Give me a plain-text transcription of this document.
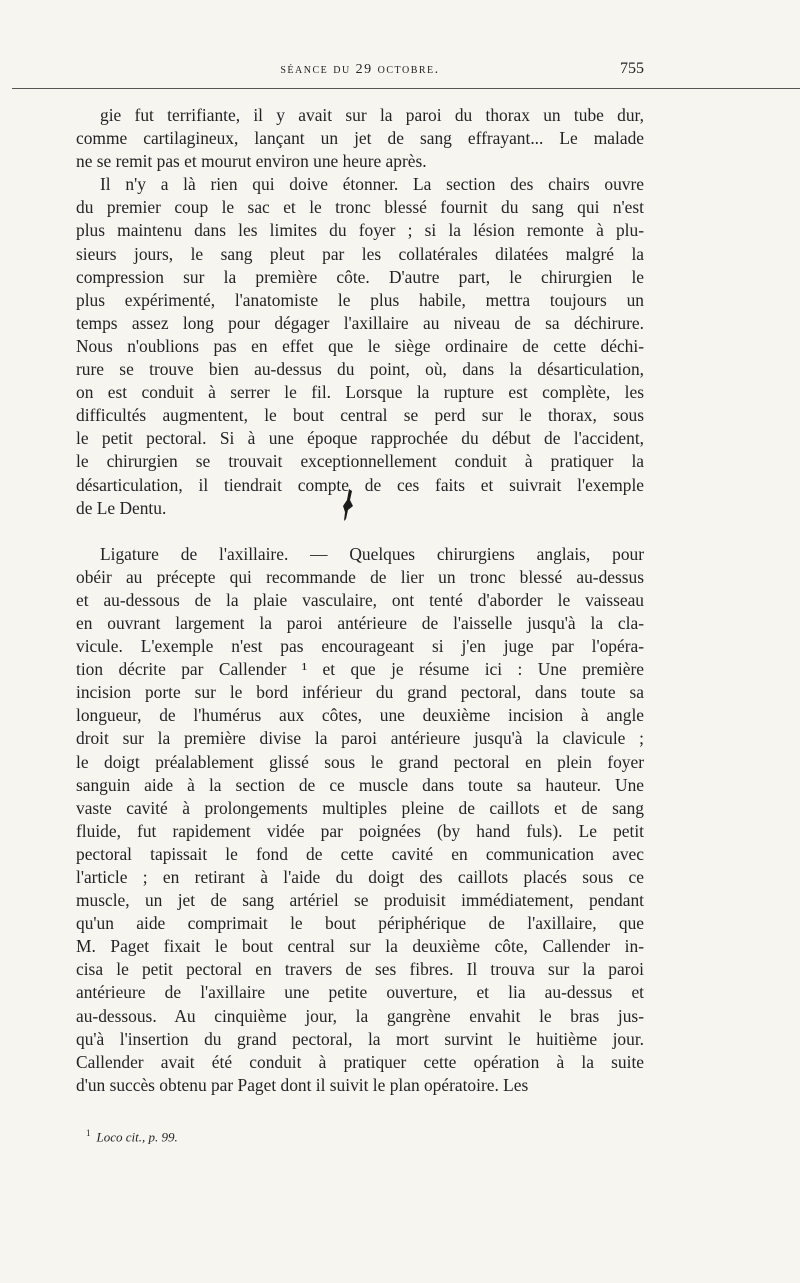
séance du 29 octobre.	755
gie fut terrifiante, il y avait sur la paroi du thorax un tube dur,
comme cartilagineux, lançant un jet de sang effrayant... Le malade
ne se remit pas et mourut environ une heure après.
Il n'y a là rien qui doive étonner. La section des chairs ouvre
du premier coup le sac et le tronc blessé fournit du sang qui n'est
plus maintenu dans les limites du foyer ; si la lésion remonte à plu-
sieurs jours, le sang pleut par les collatérales dilatées malgré la
compression sur la première côte. D'autre part, le chirurgien le
plus expérimenté, l'anatomiste le plus habile, mettra toujours un
temps assez long pour dégager l'axillaire au niveau de sa déchirure.
Nous n'oublions pas en effet que le siège ordinaire de cette déchi-
rure se trouve bien au-dessus du point, où, dans la désarticulation,
on est conduit à serrer le fil. Lorsque la rupture est complète, les
difficultés augmentent, le bout central se perd sur le thorax, sous
le petit pectoral. Si à une époque rapprochée du début de l'accident,
le chirurgien se trouvait exceptionnellement conduit à pratiquer la
désarticulation, il tiendrait compte de ces faits et suivrait l'exemple
de Le Dentu.
Ligature de l'axillaire. — Quelques chirurgiens anglais, pour
obéir au précepte qui recommande de lier un tronc blessé au-dessus
et au-dessous de la plaie vasculaire, ont tenté d'aborder le vaisseau
en ouvrant largement la paroi antérieure de l'aisselle jusqu'à la cla-
vicule. L'exemple n'est pas encourageant si j'en juge par l'opéra-
tion décrite par Callender ¹ et que je résume ici : Une première
incision porte sur le bord inférieur du grand pectoral, dans toute sa
longueur, de l'humérus aux côtes, une deuxième incision à angle
droit sur la première divise la paroi antérieure jusqu'à la clavicule ;
le doigt préalablement glissé sous le grand pectoral en plein foyer
sanguin aide à la section de ce muscle dans toute sa hauteur. Une
vaste cavité à prolongements multiples pleine de caillots et de sang
fluide, fut rapidement vidée par poignées (by hand fuls). Le petit
pectoral tapissait le fond de cette cavité en communication avec
l'article ; en retirant à l'aide du doigt des caillots placés sous ce
muscle, un jet de sang artériel se produisit immédiatement, pendant
qu'un aide comprimait le bout périphérique de l'axillaire, que
M. Paget fixait le bout central sur la deuxième côte, Callender in-
cisa le petit pectoral en travers de ses fibres. Il trouva sur la paroi
antérieure de l'axillaire une petite ouverture, et lia au-dessus et
au-dessous. Au cinquième jour, la gangrène envahit le bras jus-
qu'à l'insertion du grand pectoral, la mort survint le huitième jour.
Callender avait été conduit à pratiquer cette opération à la suite
d'un succès obtenu par Paget dont il suivit le plan opératoire. Les
$^1$ Loco cit., p. 99.
